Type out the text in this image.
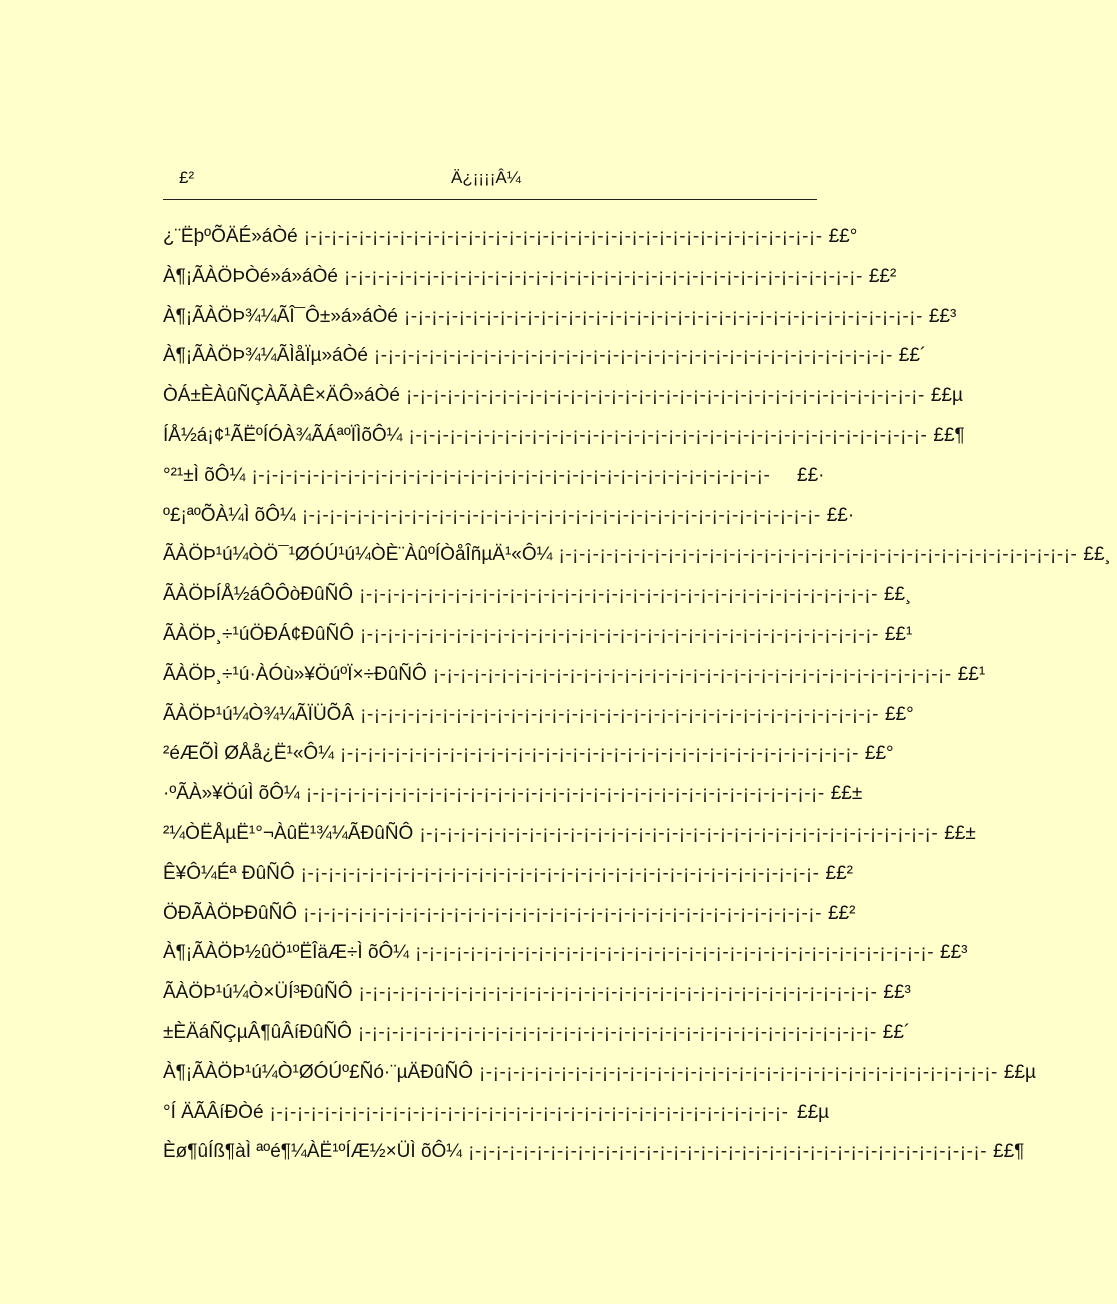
£²	Ä¿¡¡¡¡Â¼
¿¨ËþºÕÄÉ»áÒé ¡-¡-¡-¡-¡-¡-¡-¡-¡-¡-¡-¡-¡-¡-¡-¡-¡-¡-¡-¡-¡-¡-¡-¡-¡-¡-¡-¡-¡-¡-¡-¡-¡-¡-¡-¡-¡-¡- ££°
À¶¡ÃÀÖÞÒé»á»áÒé ¡-¡-¡-¡-¡-¡-¡-¡-¡-¡-¡-¡-¡-¡-¡-¡-¡-¡-¡-¡-¡-¡-¡-¡-¡-¡-¡-¡-¡-¡-¡-¡-¡-¡-¡-¡-¡-¡- ££²
À¶¡ÃÀÖÞ¾¼ÃÎ¯Ô±»á»áÒé ¡-¡-¡-¡-¡-¡-¡-¡-¡-¡-¡-¡-¡-¡-¡-¡-¡-¡-¡-¡-¡-¡-¡-¡-¡-¡-¡-¡-¡-¡-¡-¡-¡-¡-¡-¡-¡-¡- ££³
À¶¡ÃÀÖÞ¾¼ÃÌåÏµ»áÒé ¡-¡-¡-¡-¡-¡-¡-¡-¡-¡-¡-¡-¡-¡-¡-¡-¡-¡-¡-¡-¡-¡-¡-¡-¡-¡-¡-¡-¡-¡-¡-¡-¡-¡-¡-¡-¡-¡- ££´
ÒÁ±ÈÀûÑÇÀÃÀÊ×ÄÔ»áÒé ¡-¡-¡-¡-¡-¡-¡-¡-¡-¡-¡-¡-¡-¡-¡-¡-¡-¡-¡-¡-¡-¡-¡-¡-¡-¡-¡-¡-¡-¡-¡-¡-¡-¡-¡-¡-¡-¡- ££µ
ÍÅ½á¡¢¹ÃËºÍÓÀ¾ÃÁªºÏÌõÔ¼ ¡-¡-¡-¡-¡-¡-¡-¡-¡-¡-¡-¡-¡-¡-¡-¡-¡-¡-¡-¡-¡-¡-¡-¡-¡-¡-¡-¡-¡-¡-¡-¡-¡-¡-¡-¡-¡-¡- ££¶
°²¹±Ì õÔ¼ ¡-¡-¡-¡-¡-¡-¡-¡-¡-¡-¡-¡-¡-¡-¡-¡-¡-¡-¡-¡-¡-¡-¡-¡-¡-¡-¡-¡-¡-¡-¡-¡-¡-¡-¡-¡-¡-¡-	££·
º£¡ªºÕÀ¼Ì õÔ¼ ¡-¡-¡-¡-¡-¡-¡-¡-¡-¡-¡-¡-¡-¡-¡-¡-¡-¡-¡-¡-¡-¡-¡-¡-¡-¡-¡-¡-¡-¡-¡-¡-¡-¡-¡-¡-¡-¡- ££·
ÃÀÖÞ¹ú¼ÒÖ¯¹ØÓÚ¹ú¼ÒÈ¨ÀûºÍÒåÎñµÄ¹«Ô¼ ¡-¡-¡-¡-¡-¡-¡-¡-¡-¡-¡-¡-¡-¡-¡-¡-¡-¡-¡-¡-¡-¡-¡-¡-¡-¡-¡-¡-¡-¡-¡-¡-¡-¡-¡-¡-¡-¡- ££¸
ÃÀÖÞÍÅ½áÔÔòÐûÑÔ ¡-¡-¡-¡-¡-¡-¡-¡-¡-¡-¡-¡-¡-¡-¡-¡-¡-¡-¡-¡-¡-¡-¡-¡-¡-¡-¡-¡-¡-¡-¡-¡-¡-¡-¡-¡-¡-¡- ££¸
ÃÀÖÞ¸÷¹úÖÐÁ¢ÐûÑÔ ¡-¡-¡-¡-¡-¡-¡-¡-¡-¡-¡-¡-¡-¡-¡-¡-¡-¡-¡-¡-¡-¡-¡-¡-¡-¡-¡-¡-¡-¡-¡-¡-¡-¡-¡-¡-¡-¡- ££¹
ÃÀÖÞ¸÷¹ú·ÀÓù»¥ÖúºÏ×÷ÐûÑÔ ¡-¡-¡-¡-¡-¡-¡-¡-¡-¡-¡-¡-¡-¡-¡-¡-¡-¡-¡-¡-¡-¡-¡-¡-¡-¡-¡-¡-¡-¡-¡-¡-¡-¡-¡-¡-¡-¡- ££¹
ÃÀÖÞ¹ú¼Ò¾¼ÃÏÜÕÂ ¡-¡-¡-¡-¡-¡-¡-¡-¡-¡-¡-¡-¡-¡-¡-¡-¡-¡-¡-¡-¡-¡-¡-¡-¡-¡-¡-¡-¡-¡-¡-¡-¡-¡-¡-¡-¡-¡- ££°
²éÆÕÌ ØÅå¿Ë¹«Ô¼ ¡-¡-¡-¡-¡-¡-¡-¡-¡-¡-¡-¡-¡-¡-¡-¡-¡-¡-¡-¡-¡-¡-¡-¡-¡-¡-¡-¡-¡-¡-¡-¡-¡-¡-¡-¡-¡-¡- ££°
·ºÃÀ»¥ÖúÌ õÔ¼ ¡-¡-¡-¡-¡-¡-¡-¡-¡-¡-¡-¡-¡-¡-¡-¡-¡-¡-¡-¡-¡-¡-¡-¡-¡-¡-¡-¡-¡-¡-¡-¡-¡-¡-¡-¡-¡-¡- ££±
²¼ÒËÅµË¹°¬ÀûË¹¾¼ÃÐûÑÔ ¡-¡-¡-¡-¡-¡-¡-¡-¡-¡-¡-¡-¡-¡-¡-¡-¡-¡-¡-¡-¡-¡-¡-¡-¡-¡-¡-¡-¡-¡-¡-¡-¡-¡-¡-¡-¡-¡- ££±
Ê¥Ô¼Éª ÐûÑÔ ¡-¡-¡-¡-¡-¡-¡-¡-¡-¡-¡-¡-¡-¡-¡-¡-¡-¡-¡-¡-¡-¡-¡-¡-¡-¡-¡-¡-¡-¡-¡-¡-¡-¡-¡-¡-¡-¡- ££²
ÖÐÃÀÖÞÐûÑÔ ¡-¡-¡-¡-¡-¡-¡-¡-¡-¡-¡-¡-¡-¡-¡-¡-¡-¡-¡-¡-¡-¡-¡-¡-¡-¡-¡-¡-¡-¡-¡-¡-¡-¡-¡-¡-¡-¡- ££²
À¶¡ÃÀÖÞ½ûÖ¹ºËÎäÆ÷Ì õÔ¼ ¡-¡-¡-¡-¡-¡-¡-¡-¡-¡-¡-¡-¡-¡-¡-¡-¡-¡-¡-¡-¡-¡-¡-¡-¡-¡-¡-¡-¡-¡-¡-¡-¡-¡-¡-¡-¡-¡- ££³
ÃÀÖÞ¹ú¼Ò×ÜÍ³ÐûÑÔ ¡-¡-¡-¡-¡-¡-¡-¡-¡-¡-¡-¡-¡-¡-¡-¡-¡-¡-¡-¡-¡-¡-¡-¡-¡-¡-¡-¡-¡-¡-¡-¡-¡-¡-¡-¡-¡-¡- ££³
±ÈÄáÑÇµÂ¶ûÂíÐûÑÔ ¡-¡-¡-¡-¡-¡-¡-¡-¡-¡-¡-¡-¡-¡-¡-¡-¡-¡-¡-¡-¡-¡-¡-¡-¡-¡-¡-¡-¡-¡-¡-¡-¡-¡-¡-¡-¡-¡- ££´
À¶¡ÃÀÖÞ¹ú¼Ò¹ØÓÚº£Ñó·¨µÄÐûÑÔ ¡-¡-¡-¡-¡-¡-¡-¡-¡-¡-¡-¡-¡-¡-¡-¡-¡-¡-¡-¡-¡-¡-¡-¡-¡-¡-¡-¡-¡-¡-¡-¡-¡-¡-¡-¡-¡-¡- ££µ
°Í ÄÃÂíÐÒé ¡-¡-¡-¡-¡-¡-¡-¡-¡-¡-¡-¡-¡-¡-¡-¡-¡-¡-¡-¡-¡-¡-¡-¡-¡-¡-¡-¡-¡-¡-¡-¡-¡-¡-¡-¡-¡-¡- ££µ
Èø¶ûÍß¶àÌ ªºé¶¼ÀË¹ºÍÆ½×ÜÌ õÔ¼ ¡-¡-¡-¡-¡-¡-¡-¡-¡-¡-¡-¡-¡-¡-¡-¡-¡-¡-¡-¡-¡-¡-¡-¡-¡-¡-¡-¡-¡-¡-¡-¡-¡-¡-¡-¡-¡-¡- ££¶
